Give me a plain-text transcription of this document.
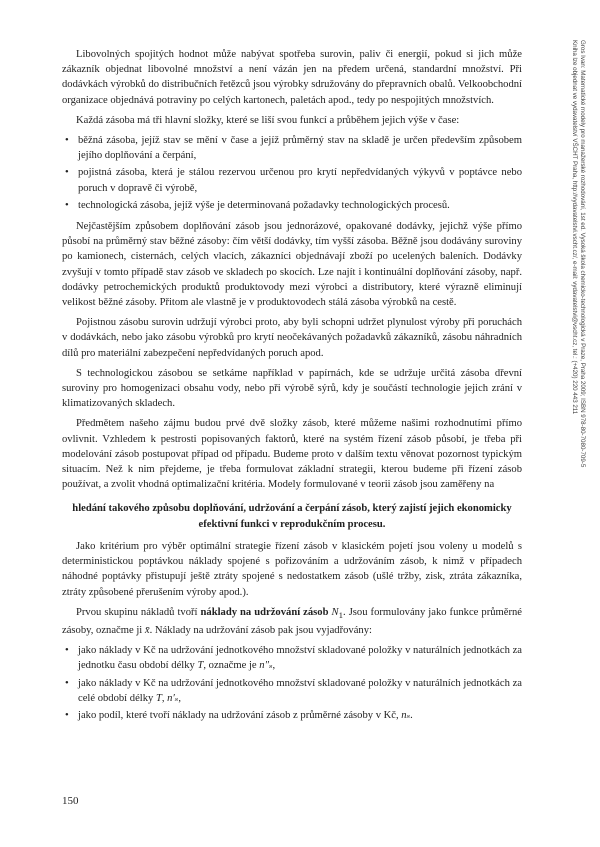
Libovolných spojitých hodnot může nabývat spotřeba surovin, paliv či energií, pokud si jich může zákazník objednat libovolné množství a není vázán jen na předem určená, standardní množství. Při dodávkách výrobků do distribučních řetězců jsou výrobky sdružovány do přepravních obalů. Velkoobchodní organizace objednává potraviny po celých kartonech, paletách apod., tedy po nespojitých množstvích.

Každá zásoba má tři hlavní složky, které se liší svou funkcí a průběhem jejich výše v čase:

• běžná zásoba, jejíž stav se mění v čase a jejíž průměrný stav na skladě je určen především způsobem jejího doplňování a čerpání,
• pojistná zásoba, která je stálou rezervou určenou pro krytí nepředvídaných výkyvů v poptávce nebo poruch v dopravě či výrobě,
• technologická zásoba, jejíž výše je determinovaná požadavky technologických procesů.

Nejčastějším způsobem doplňování zásob jsou jednorázové, opakované dodávky, jejichž výše přímo působí na průměrný stav běžné zásoby: čím větší dodávky, tím vyšší zásoba. Běžně jsou dodávány suroviny po kamionech, cisternách, celých vlacích, zákazníci objednávají zboží po ucelených baleních. Dodávky zvyšují v tomto případě stav zásob ve skladech po skocích. Lze najít i kontinuální doplňování zásoby, např. dodávky petrochemických produktů produktovody mezi výrobci a distributory, které výrazně eliminují velikost běžné zásoby. Přitom ale vlastně je v produktovodech stálá zásoba výrobků na cestě.

Pojistnou zásobu surovin udržují výrobci proto, aby byli schopni udržet plynulost výroby při poruchách v dodávkách, nebo jako zásobu výrobků pro krytí neočekávaných požadavků zákazníků, zásobu náhradních dílů pro materiální zabezpečení nepředvídaných poruch apod.

S technologickou zásobou se setkáme například v papírnách, kde se udržuje určitá zásoba dřevní suroviny pro homogenizaci obsahu vody, nebo při výrobě sýrů, kdy je součástí technologie jejich zrání v klimatizovaných skladech.

Předmětem našeho zájmu budou prvé dvě složky zásob, které můžeme našimi rozhodnutími přímo ovlivnit. Vzhledem k pestrosti popisovaných faktorů, které na systém řízení zásob působí, je třeba při modelování zásob postupovat případ od případu. Budeme proto v dalším textu věnovat pozornost typickým situacím. Než k nim přejdeme, je třeba formulovat základní strategii, kterou budeme při řízení zásob používat, a zvolit vhodná optimalizační kritéria. Modely formulované v teorii zásob jsou zaměřeny na

hledání takového způsobu doplňování, udržování a čerpání zásob, který zajistí jejich ekonomicky efektivní funkci v reprodukčním procesu.

Jako kritérium pro výběr optimální strategie řízení zásob v klasickém pojetí jsou voleny u modelů s deterministickou poptávkou náklady spojené s pořizováním a udržováním zásob, k nimž v případech náhodné poptávky přistupují ještě ztráty spojené s nedostatkem zásob (ušlé tržby, zisk, ztráta zákazníka, ztráty způsobené přerušením výroby apod.).

Prvou skupinu nákladů tvoří náklady na udržování zásob $N_1$. Jsou formulovány jako funkce průměrné zásoby, označme ji x̄. Náklady na udržování zásob pak jsou vyjadřovány:

• jako náklady v Kč na udržování jednotkového množství skladované položky v naturálních jednotkách za jednotku času období délky T, označme je n″ₛ,
• jako náklady v Kč na udržování jednotkového množství skladované položky v naturálních jednotkách za celé období délky T, n′ₛ,
• jako podíl, které tvoří náklady na udržování zásob z průměrné zásoby v Kč, nₛ.
150
Gros Ivan: Matematické modely pro manažerské rozhodování, 1st ed. Vysoká škola chemicko-technologická v Praze, Praha 2009; ISBN 978-80-7080-709-5
Kniha lze objednat ve vydavatelství VŠCHT Praha, http://vydavatelstvi.vscht.cz/, e-mail: vydavatelstvi@vscht.cz, tel.: (+420) 220 443 211
